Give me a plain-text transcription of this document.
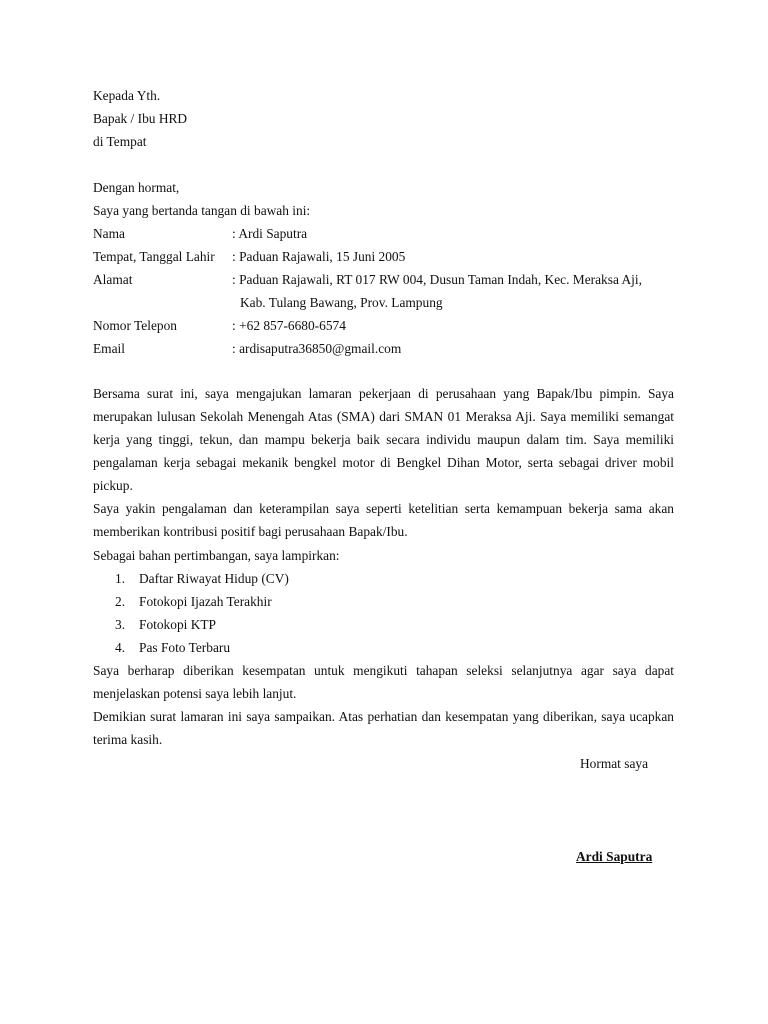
Kepada Yth.
Bapak / Ibu HRD
di Tempat
Dengan hormat,
Saya yang bertanda tangan di bawah ini:
Nama	: Ardi Saputra
Tempat, Tanggal Lahir : Paduan Rajawali, 15 Juni 2005
Alamat	: Paduan Rajawali, RT 017 RW 004, Dusun Taman Indah, Kec. Meraksa Aji,
Kab. Tulang Bawang, Prov. Lampung
Nomor Telepon	: +62 857-6680-6574
Email	: ardisaputra36850@gmail.com
Bersama surat ini, saya mengajukan lamaran pekerjaan di perusahaan yang Bapak/Ibu pimpin. Saya merupakan lulusan Sekolah Menengah Atas (SMA) dari SMAN 01 Meraksa Aji. Saya memiliki semangat kerja yang tinggi, tekun, dan mampu bekerja baik secara individu maupun dalam tim. Saya memiliki pengalaman kerja sebagai mekanik bengkel motor di Bengkel Dihan Motor, serta sebagai driver mobil pickup.
Saya yakin pengalaman dan keterampilan saya seperti ketelitian serta kemampuan bekerja sama akan memberikan kontribusi positif bagi perusahaan Bapak/Ibu.
Sebagai bahan pertimbangan, saya lampirkan:
1. Daftar Riwayat Hidup (CV)
2. Fotokopi Ijazah Terakhir
3. Fotokopi KTP
4. Pas Foto Terbaru
Saya berharap diberikan kesempatan untuk mengikuti tahapan seleksi selanjutnya agar saya dapat menjelaskan potensi saya lebih lanjut.
Demikian surat lamaran ini saya sampaikan. Atas perhatian dan kesempatan yang diberikan, saya ucapkan terima kasih.
Hormat saya
Ardi Saputra
